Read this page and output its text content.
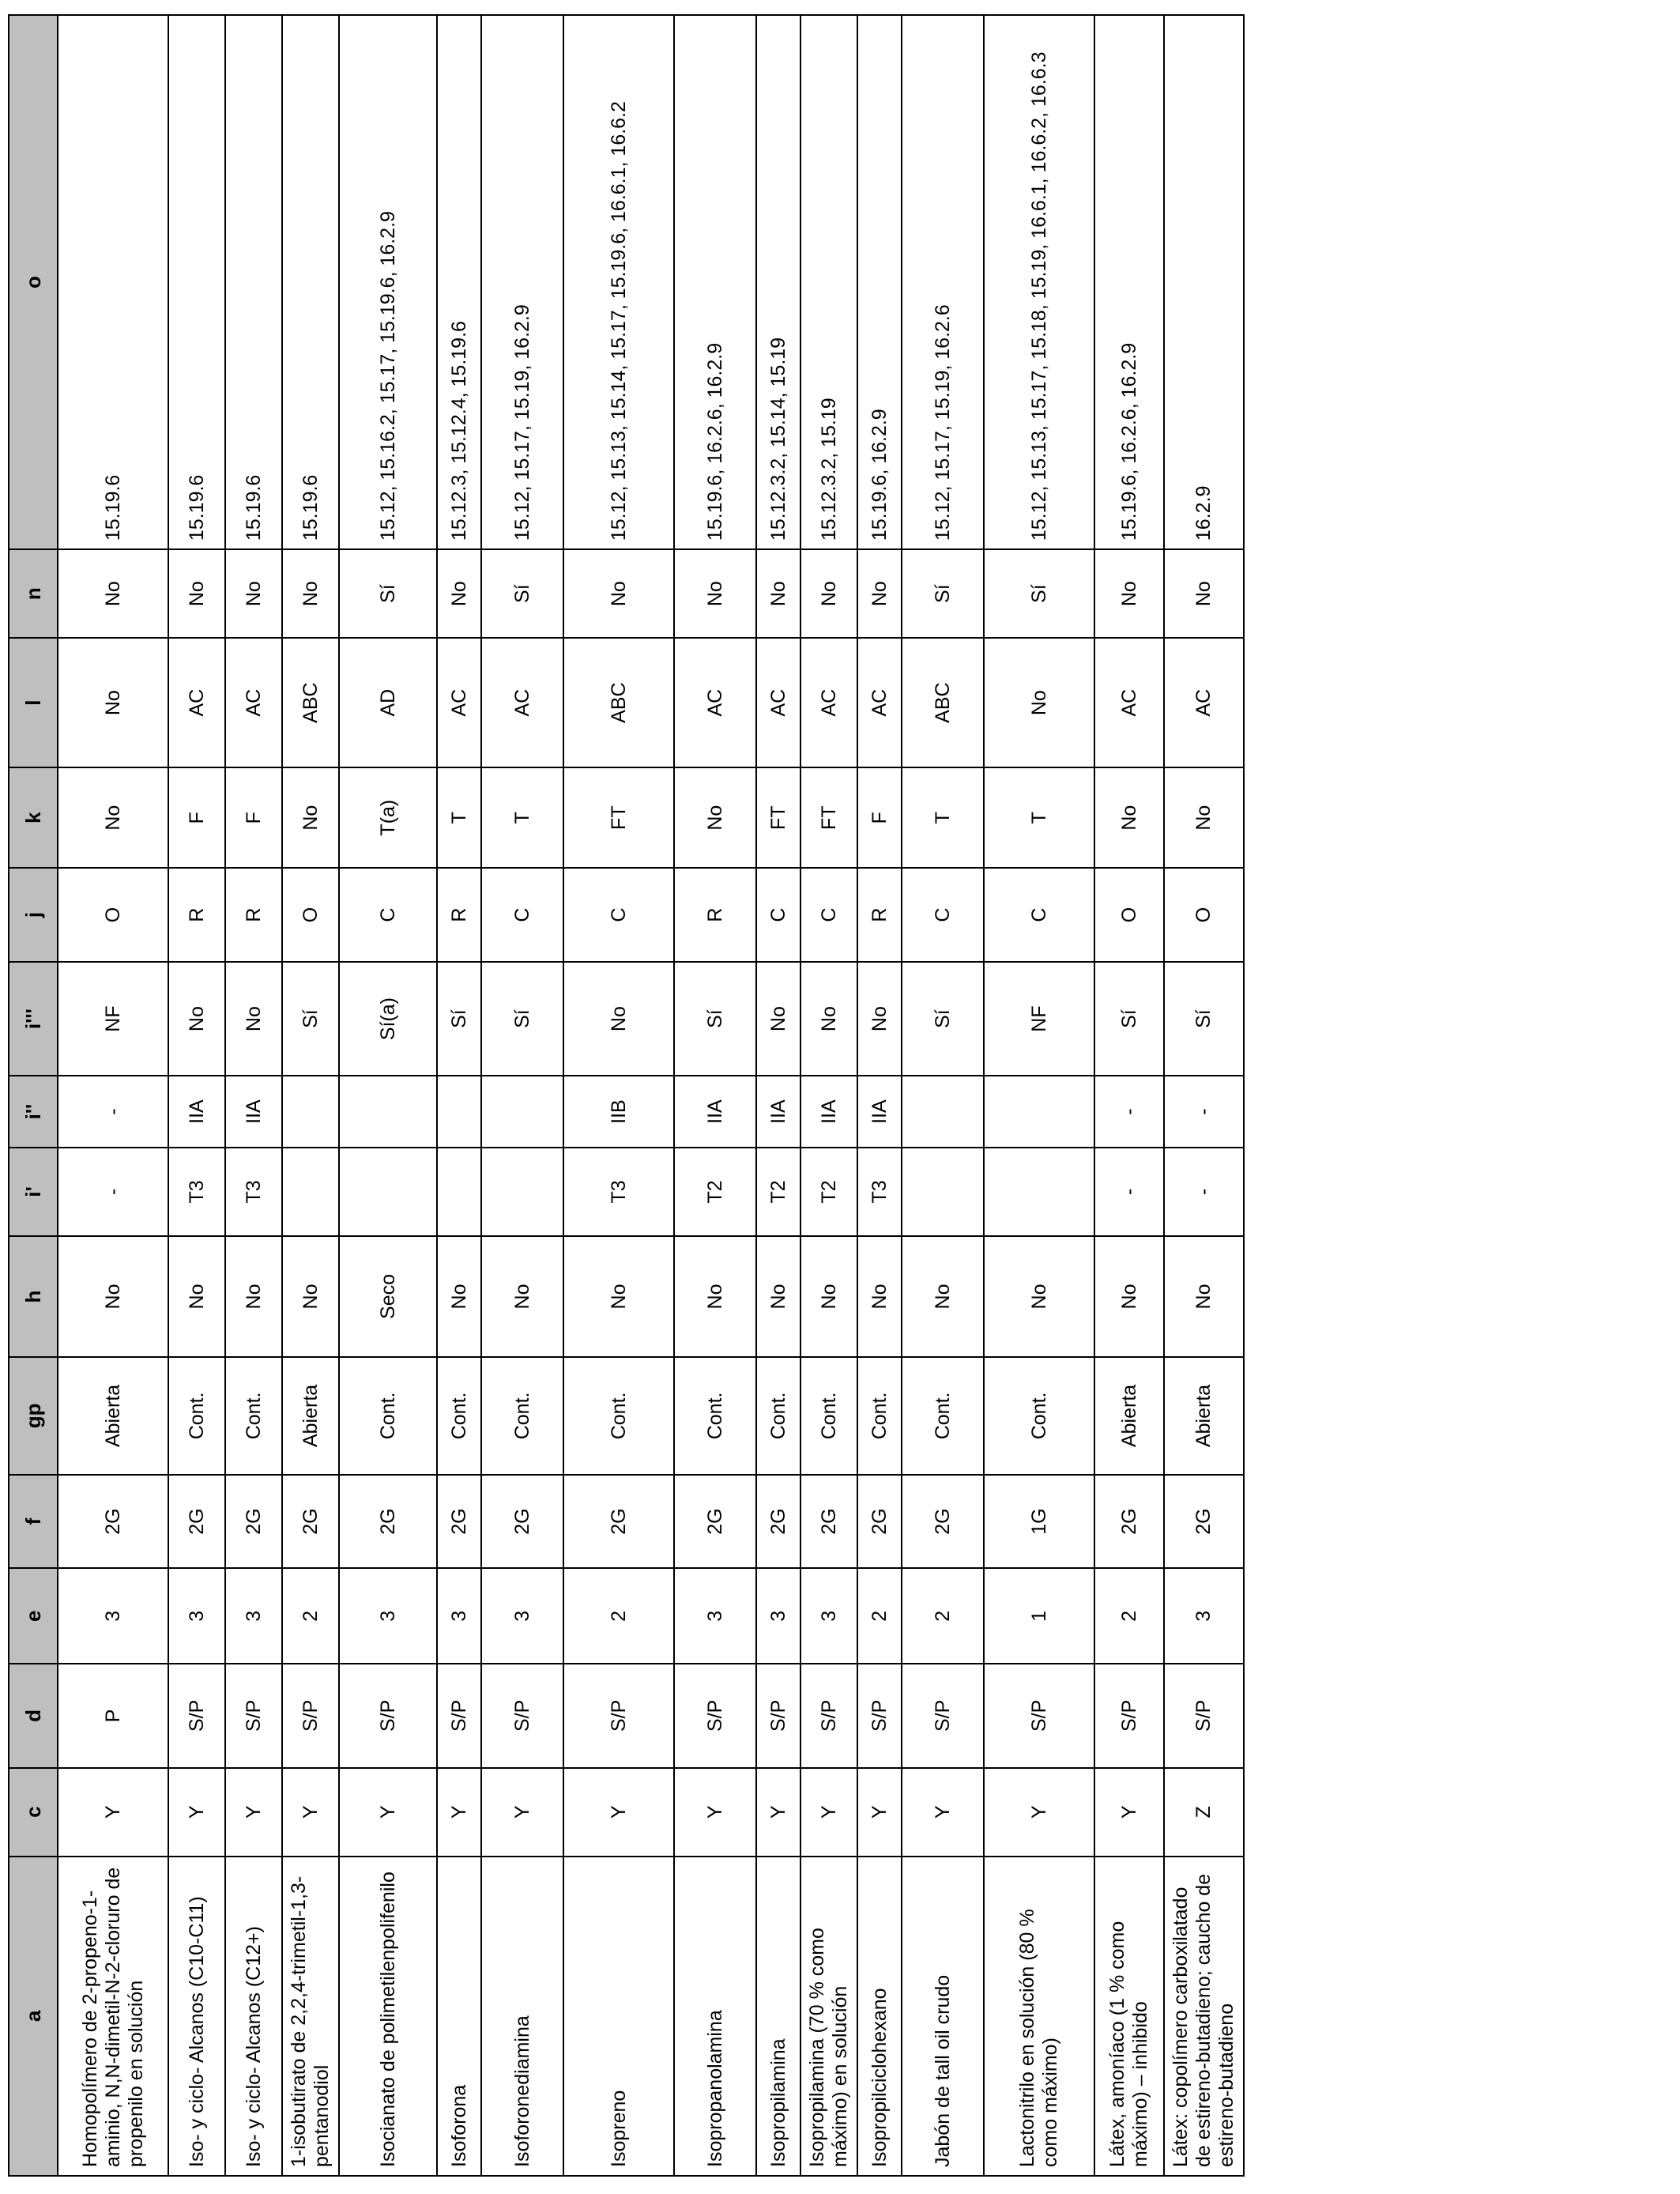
a	c	d	e	f	gp	h	i'	i''	i'''	j	k	l	n	o
Homopolímero de 2-propeno-1-aminio, N,N-dimetil-N-2-cloruro de propenilo en solución	Y	P	3	2G	Abierta	No	-	-	NF	O	No	No	No	15.19.6
Iso- y ciclo- Alcanos (C10-C11)	Y	S/P	3	2G	Cont.	No	T3	IIA	No	R	F	AC	No	15.19.6
Iso- y ciclo- Alcanos (C12+)	Y	S/P	3	2G	Cont.	No	T3	IIA	No	R	F	AC	No	15.19.6
1-isobutirato de 2,2,4-trimetil-1,3-pentanodiol	Y	S/P	2	2G	Abierta	No			Sí	O	No	ABC	No	15.19.6
Isocianato de polimetilenpolifenilo	Y	S/P	3	2G	Cont.	Seco			Sí(a)	C	T(a)	AD	Sí	15.12, 15.16.2, 15.17, 15.19.6, 16.2.9
Isoforona	Y	S/P	3	2G	Cont.	No			Sí	R	T	AC	No	15.12.3, 15.12.4, 15.19.6
Isoforonediamina	Y	S/P	3	2G	Cont.	No			Sí	C	T	AC	Sí	15.12, 15.17, 15.19, 16.2.9
Isopreno	Y	S/P	2	2G	Cont.	No	T3	IIB	No	C	FT	ABC	No	15.12, 15.13, 15.14, 15.17, 15.19.6, 16.6.1, 16.6.2
Isopropanolamina	Y	S/P	3	2G	Cont.	No	T2	IIA	Sí	R	No	AC	No	15.19.6, 16.2.6, 16.2.9
Isopropilamina	Y	S/P	3	2G	Cont.	No	T2	IIA	No	C	FT	AC	No	15.12.3.2, 15.14, 15.19
Isopropilamina (70 % como máximo) en solución	Y	S/P	3	2G	Cont.	No	T2	IIA	No	C	FT	AC	No	15.12.3.2, 15.19
Isopropilciclohexano	Y	S/P	2	2G	Cont.	No	T3	IIA	No	R	F	AC	No	15.19.6, 16.2.9
Jabón de tall oil crudo	Y	S/P	2	2G	Cont.	No			Sí	C	T	ABC	Sí	15.12, 15.17, 15.19, 16.2.6
Lactonitrilo en solución (80 % como máximo)	Y	S/P	1	1G	Cont.	No			NF	C	T	No	Sí	15.12, 15.13, 15.17, 15.18, 15.19, 16.6.1, 16.6.2, 16.6.3
Látex, amoníaco (1 % como máximo) – inhibido	Y	S/P	2	2G	Abierta	No	-	-	Sí	O	No	AC	No	15.19.6, 16.2.6, 16.2.9
Látex: copolímero carboxilatado de estireno-butadieno; caucho de estireno-butadieno	Z	S/P	3	2G	Abierta	No	-	-	Sí	O	No	AC	No	16.2.9
